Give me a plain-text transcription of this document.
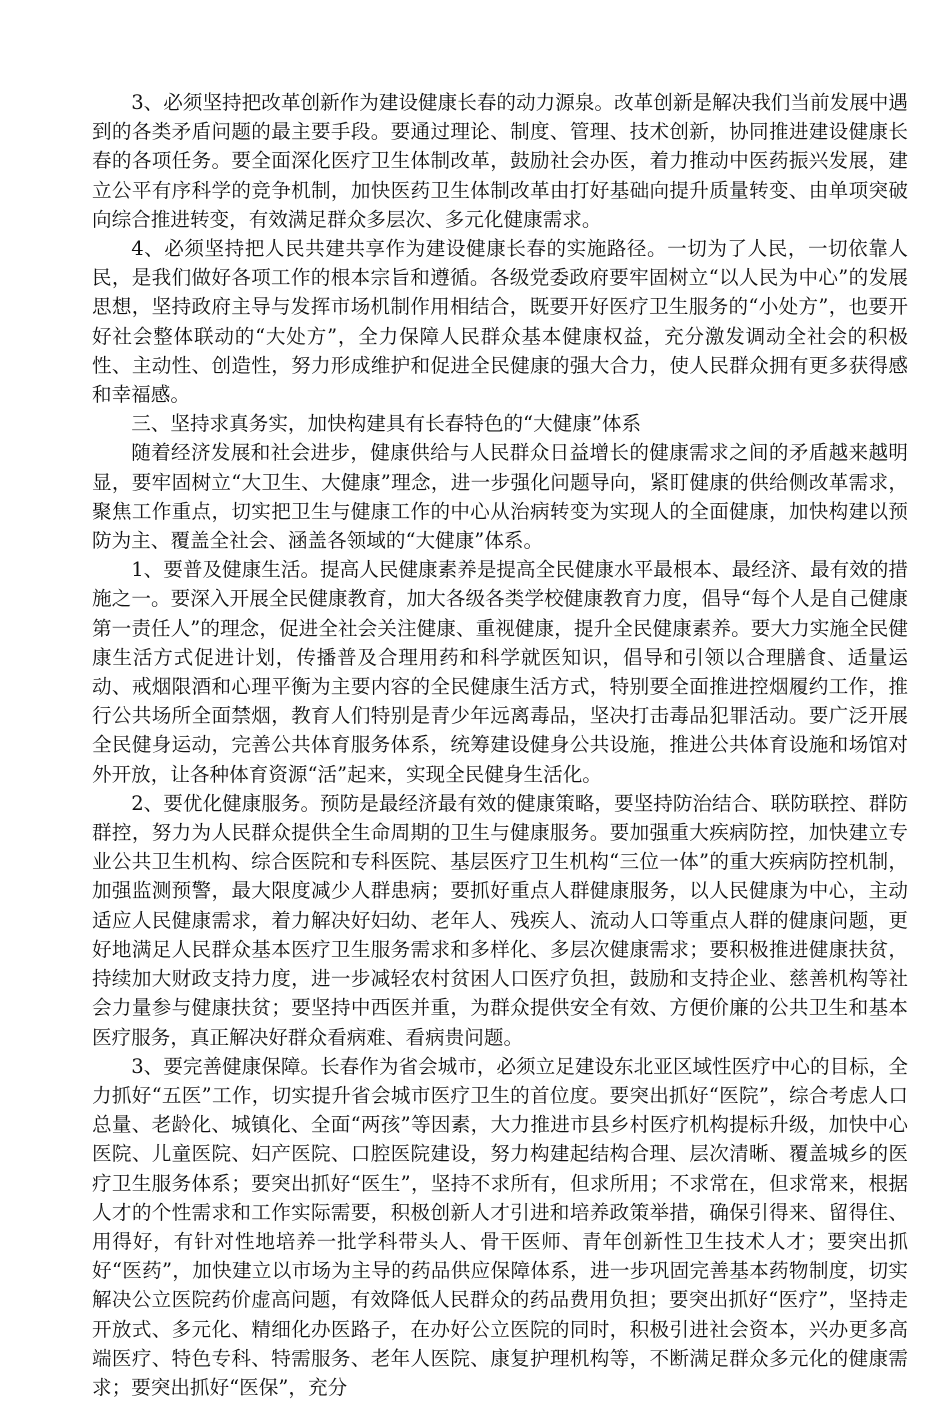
3、必须坚持把改革创新作为建设健康长春的动力源泉。改革创新是解决我们当前发展中遇到的各类矛盾问题的最主要手段。要通过理论、制度、管理、技术创新，协同推进建设健康长春的各项任务。要全面深化医疗卫生体制改革，鼓励社会办医，着力推动中医药振兴发展，建立公平有序科学的竞争机制，加快医药卫生体制改革由打好基础向提升质量转变、由单项突破向综合推进转变，有效满足群众多层次、多元化健康需求。

4、必须坚持把人民共建共享作为建设健康长春的实施路径。一切为了人民，一切依靠人民，是我们做好各项工作的根本宗旨和遵循。各级党委政府要牢固树立“以人民为中心”的发展思想，坚持政府主导与发挥市场机制作用相结合，既要开好医疗卫生服务的“小处方”，也要开好社会整体联动的“大处方”，全力保障人民群众基本健康权益，充分激发调动全社会的积极性、主动性、创造性，努力形成维护和促进全民健康的强大合力，使人民群众拥有更多获得感和幸福感。

三、坚持求真务实，加快构建具有长春特色的“大健康”体系

随着经济发展和社会进步，健康供给与人民群众日益增长的健康需求之间的矛盾越来越明显，要牢固树立“大卫生、大健康”理念，进一步强化问题导向，紧盯健康的供给侧改革需求，聚焦工作重点，切实把卫生与健康工作的中心从治病转变为实现人的全面健康，加快构建以预防为主、覆盖全社会、涵盖各领域的“大健康”体系。

1、要普及健康生活。提高人民健康素养是提高全民健康水平最根本、最经济、最有效的措施之一。要深入开展全民健康教育，加大各级各类学校健康教育力度，倡导“每个人是自己健康第一责任人”的理念，促进全社会关注健康、重视健康，提升全民健康素养。要大力实施全民健康生活方式促进计划，传播普及合理用药和科学就医知识，倡导和引领以合理膳食、适量运动、戒烟限酒和心理平衡为主要内容的全民健康生活方式，特别要全面推进控烟履约工作，推行公共场所全面禁烟，教育人们特别是青少年远离毒品，坚决打击毒品犯罪活动。要广泛开展全民健身运动，完善公共体育服务体系，统筹建设健身公共设施，推进公共体育设施和场馆对外开放，让各种体育资源“活”起来，实现全民健身生活化。

2、要优化健康服务。预防是最经济最有效的健康策略，要坚持防治结合、联防联控、群防群控，努力为人民群众提供全生命周期的卫生与健康服务。要加强重大疾病防控，加快建立专业公共卫生机构、综合医院和专科医院、基层医疗卫生机构“三位一体”的重大疾病防控机制，加强监测预警，最大限度减少人群患病；要抓好重点人群健康服务，以人民健康为中心，主动适应人民健康需求，着力解决好妇幼、老年人、残疾人、流动人口等重点人群的健康问题，更好地满足人民群众基本医疗卫生服务需求和多样化、多层次健康需求；要积极推进健康扶贫，持续加大财政支持力度，进一步减轻农村贫困人口医疗负担，鼓励和支持企业、慈善机构等社会力量参与健康扶贫；要坚持中西医并重，为群众提供安全有效、方便价廉的公共卫生和基本医疗服务，真正解决好群众看病难、看病贵问题。

3、要完善健康保障。长春作为省会城市，必须立足建设东北亚区域性医疗中心的目标，全力抓好“五医”工作，切实提升省会城市医疗卫生的首位度。要突出抓好“医院”，综合考虑人口总量、老龄化、城镇化、全面“两孩”等因素，大力推进市县乡村医疗机构提标升级，加快中心医院、儿童医院、妇产医院、口腔医院建设，努力构建起结构合理、层次清晰、覆盖城乡的医疗卫生服务体系；要突出抓好“医生”，坚持不求所有，但求所用；不求常在，但求常来，根据人才的个性需求和工作实际需要，积极创新人才引进和培养政策举措，确保引得来、留得住、用得好，有针对性地培养一批学科带头人、骨干医师、青年创新性卫生技术人才；要突出抓好“医药”，加快建立以市场为主导的药品供应保障体系，进一步巩固完善基本药物制度，切实解决公立医院药价虚高问题，有效降低人民群众的药品费用负担；要突出抓好“医疗”，坚持走开放式、多元化、精细化办医路子，在办好公立医院的同时，积极引进社会资本，兴办更多高端医疗、特色专科、特需服务、老年人医院、康复护理机构等，不断满足群众多元化的健康需求；要突出抓好“医保”，充分
